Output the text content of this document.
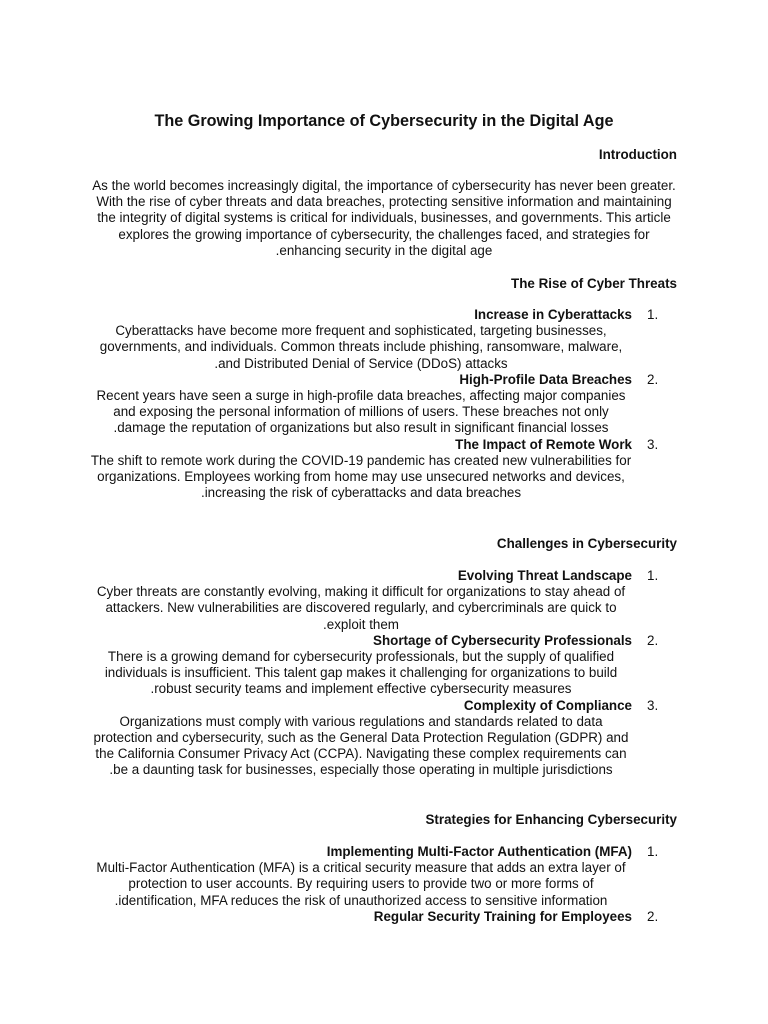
The Growing Importance of Cybersecurity in the Digital Age

Introduction

As the world becomes increasingly digital, the importance of cybersecurity has never been greater. With the rise of cyber threats and data breaches, protecting sensitive information and maintaining the integrity of digital systems is critical for individuals, businesses, and governments. This article explores the growing importance of cybersecurity, the challenges faced, and strategies for enhancing security in the digital age.

The Rise of Cyber Threats

1.
Increase in Cyberattacks
Cyberattacks have become more frequent and sophisticated, targeting businesses, governments, and individuals. Common threats include phishing, ransomware, malware, and Distributed Denial of Service (DDoS) attacks.
2.
High-Profile Data Breaches
Recent years have seen a surge in high-profile data breaches, affecting major companies and exposing the personal information of millions of users. These breaches not only damage the reputation of organizations but also result in significant financial losses.
3.
The Impact of Remote Work
The shift to remote work during the COVID-19 pandemic has created new vulnerabilities for organizations. Employees working from home may use unsecured networks and devices, increasing the risk of cyberattacks and data breaches.

Challenges in Cybersecurity

1.
Evolving Threat Landscape
Cyber threats are constantly evolving, making it difficult for organizations to stay ahead of attackers. New vulnerabilities are discovered regularly, and cybercriminals are quick to exploit them.
2.
Shortage of Cybersecurity Professionals
There is a growing demand for cybersecurity professionals, but the supply of qualified individuals is insufficient. This talent gap makes it challenging for organizations to build robust security teams and implement effective cybersecurity measures.
3.
Complexity of Compliance
Organizations must comply with various regulations and standards related to data protection and cybersecurity, such as the General Data Protection Regulation (GDPR) and the California Consumer Privacy Act (CCPA). Navigating these complex requirements can be a daunting task for businesses, especially those operating in multiple jurisdictions.

Strategies for Enhancing Cybersecurity

1.
Implementing Multi-Factor Authentication (MFA)
Multi-Factor Authentication (MFA) is a critical security measure that adds an extra layer of protection to user accounts. By requiring users to provide two or more forms of identification, MFA reduces the risk of unauthorized access to sensitive information.
2.
Regular Security Training for Employees
